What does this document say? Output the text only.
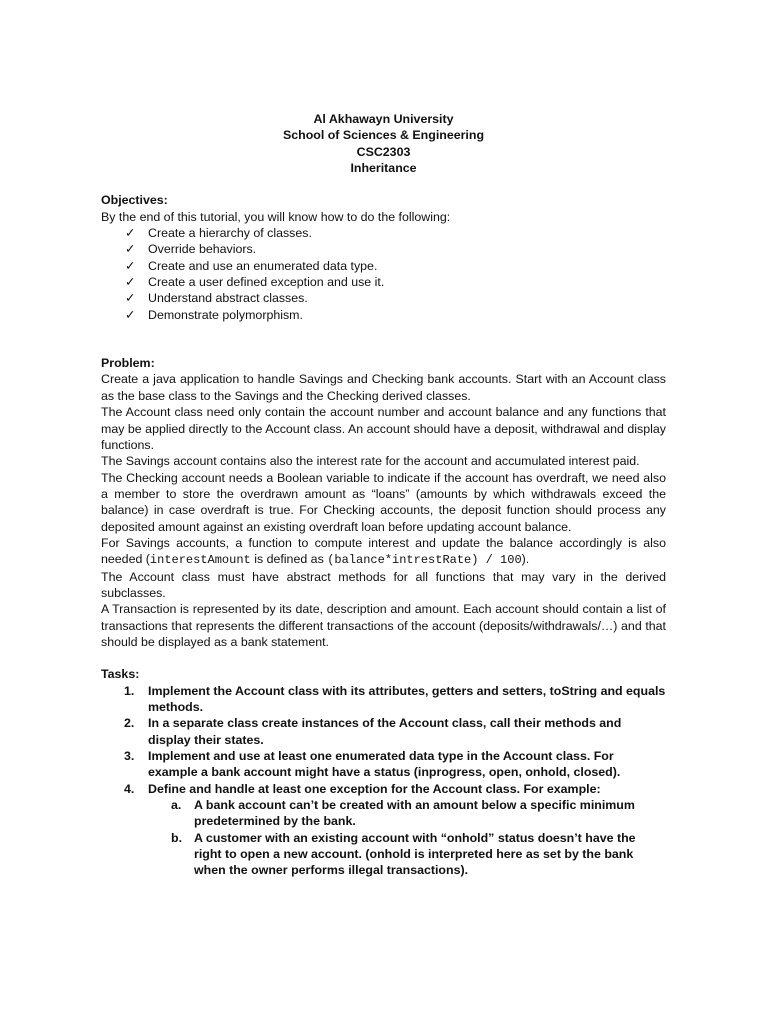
Al Akhawayn University
School of Sciences & Engineering
CSC2303
Inheritance
Objectives:
By the end of this tutorial, you will know how to do the following:
✓ Create a hierarchy of classes.
✓ Override behaviors.
✓ Create and use an enumerated data type.
✓ Create a user defined exception and use it.
✓ Understand abstract classes.
✓ Demonstrate polymorphism.
Problem:

Create a java application to handle Savings and Checking bank accounts. Start with an Account class as the base class to the Savings and the Checking derived classes.

The Account class need only contain the account number and account balance and any functions that may be applied directly to the Account class. An account should have a deposit, withdrawal and display functions.

The Savings account contains also the interest rate for the account and accumulated interest paid.

The Checking account needs a Boolean variable to indicate if the account has overdraft, we need also a member to store the overdrawn amount as “loans” (amounts by which withdrawals exceed the balance) in case overdraft is true. For Checking accounts, the deposit function should process any deposited amount against an existing overdraft loan before updating account balance.

For Savings accounts, a function to compute interest and update the balance accordingly is also needed (interestAmount is defined as (balance*intrestRate) / 100).

The Account class must have abstract methods for all functions that may vary in the derived subclasses.

A Transaction is represented by its date, description and amount. Each account should contain a list of transactions that represents the different transactions of the account (deposits/withdrawals/…) and that should be displayed as a bank statement.

Tasks:
1. Implement the Account class with its attributes, getters and setters, toString and equals methods.
2. In a separate class create instances of the Account class, call their methods and display their states.
3. Implement and use at least one enumerated data type in the Account class. For example a bank account might have a status (inprogress, open, onhold, closed).
4. Define and handle at least one exception for the Account class. For example:
a. A bank account can’t be created with an amount below a specific minimum predetermined by the bank.
b. A customer with an existing account with “onhold” status doesn’t have the right to open a new account. (onhold is interpreted here as set by the bank when the owner performs illegal transactions).
